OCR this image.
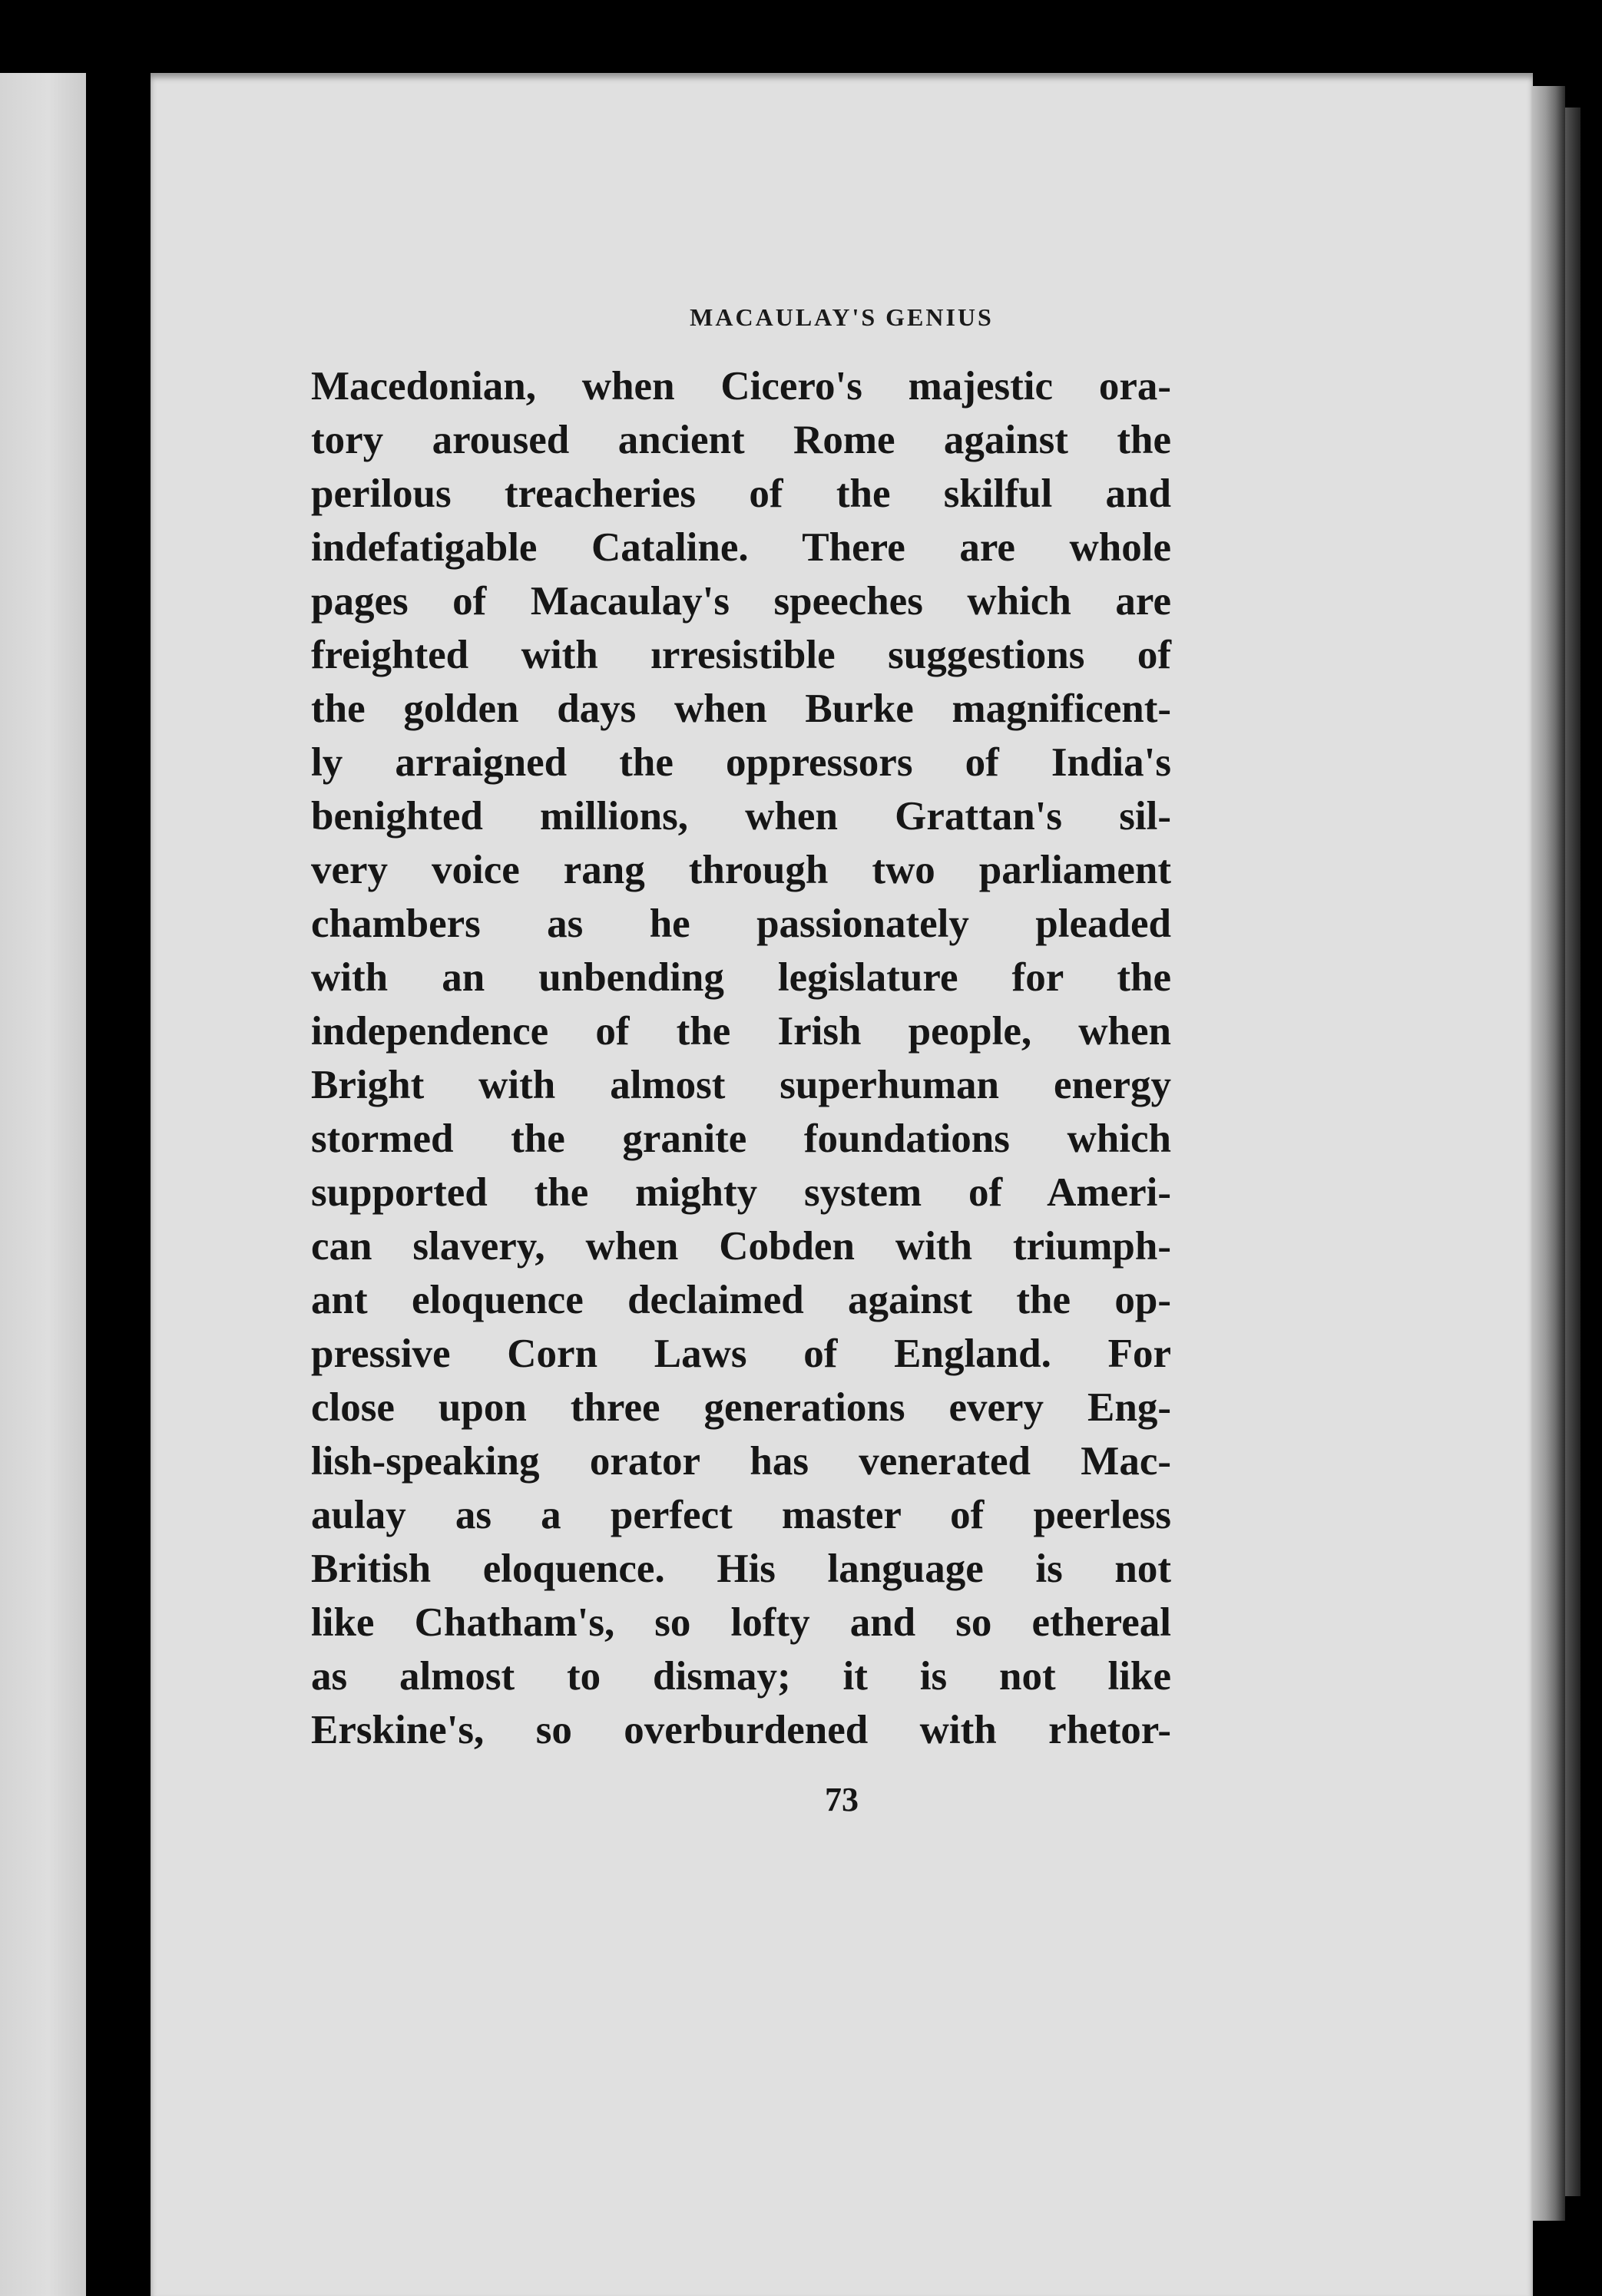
MACAULAY'S GENIUS
Macedonian, when Cicero's majestic ora-
tory aroused ancient Rome against the
perilous treacheries of the skilful and
indefatigable Cataline. There are whole
pages of Macaulay's speeches which are
freighted with ırresistible suggestions of
the golden days when Burke magnificent-
ly arraigned the oppressors of India's
benighted millions, when Grattan's sil-
very voice rang through two parliament
chambers as he passionately pleaded
with an unbending legislature for the
independence of the Irish people, when
Bright with almost superhuman energy
stormed the granite foundations which
supported the mighty system of Ameri-
can slavery, when Cobden with triumph-
ant eloquence declaimed against the op-
pressive Corn Laws of England. For
close upon three generations every Eng-
lish-speaking orator has venerated Mac-
aulay as a perfect master of peerless
British eloquence. His language is not
like Chatham's, so lofty and so ethereal
as almost to dismay; it is not like
Erskine's, so overburdened with rhetor-
73
